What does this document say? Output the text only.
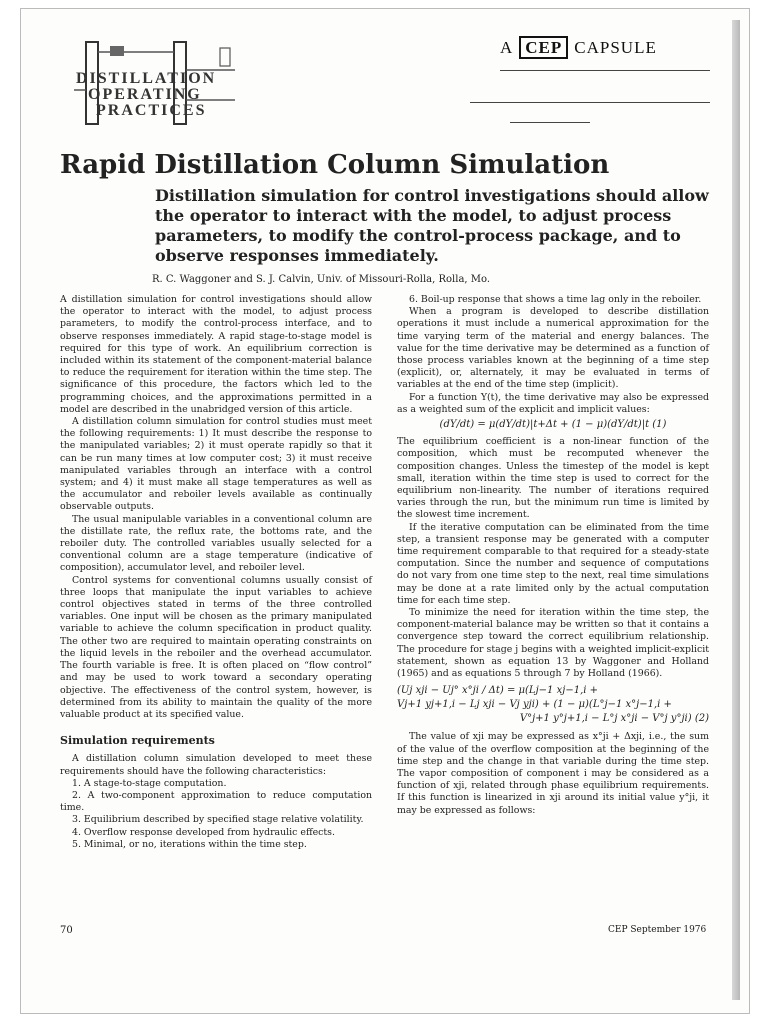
DISTILLATION
OPERATING
PRACTICES
A CEP CAPSULE
Rapid Distillation Column Simulation
Distillation simulation for control investigations should allow the operator to interact with the model, to adjust process parameters, to modify the control-process package, and to observe responses immediately.
R. C. Waggoner and S. J. Calvin, Univ. of Missouri-Rolla, Rolla, Mo.

A distillation simulation for control investigations should allow the operator to interact with the model, to adjust process parameters, to modify the control-process interface, and to observe responses immediately. A rapid stage-to-stage model is required for this type of work. An equilibrium correction is included within its statement of the component-material balance to reduce the requirement for iteration within the time step. The significance of this procedure, the factors which led to the programming choices, and the approximations permitted in a model are described in the unabridged version of this article.

A distillation column simulation for control studies must meet the following requirements: 1) It must describe the response to the manipulated variables; 2) it must operate rapidly so that it can be run many times at low computer cost; 3) it must receive manipulated variables through an interface with a control system; and 4) it must make all stage temperatures as well as the accumulator and reboiler levels available as continually observable outputs.

The usual manipulable variables in a conventional column are the distillate rate, the reflux rate, the bottoms rate, and the reboiler duty. The controlled variables usually selected for a conventional column are a stage temperature (indicative of composition), accumulator level, and reboiler level.

Control systems for conventional columns usually consist of three loops that manipulate the input variables to achieve control objectives stated in terms of the three controlled variables. One input will be chosen as the primary manipulated variable to achieve the column specification in product quality. The other two are required to maintain operating constraints on the liquid levels in the reboiler and the overhead accumulator. The fourth variable is free. It is often placed on “flow control” and may be used to work toward a secondary operating objective. The effectiveness of the control system, however, is determined from its ability to maintain the quality of the more valuable product at its specified value.

Simulation requirements

A distillation column simulation developed to meet these requirements should have the following characteristics:

1. A stage-to-stage computation.
2. A two-component approximation to reduce computation time.
3. Equilibrium described by specified stage relative volatility.
4. Overflow response developed from hydraulic effects.
5. Minimal, or no, iterations within the time step.

6. Boil-up response that shows a time lag only in the reboiler.

When a program is developed to describe distillation operations it must include a numerical approximation for the time varying term of the material and energy balances. The value for the time derivative may be determined as a function of those process variables known at the beginning of a time step (explicit), or, alternately, it may be evaluated in terms of variables at the end of the time step (implicit).

For a function Y(t), the time derivative may also be expressed as a weighted sum of the explicit and implicit values:

(dY/dt) = μ(dY/dt)|t+Δt + (1 − μ)(dY/dt)|t (1)

The equilibrium coefficient is a non-linear function of the composition, which must be recomputed whenever the composition changes. Unless the timestep of the model is kept small, iteration within the time step is used to correct for the equilibrium non-linearity. The number of iterations required varies through the run, but the minimum run time is limited by the slowest time increment.

If the iterative computation can be eliminated from the time step, a transient response may be generated with a computer time requirement comparable to that required for a steady-state computation. Since the number and sequence of computations do not vary from one time step to the next, real time simulations may be done at a rate limited only by the actual computation time for each time step.

To minimize the need for iteration within the time step, the component-material balance may be written so that it contains a convergence step toward the correct equilibrium relationship. The procedure for stage j begins with a weighted implicit-explicit statement, shown as equation 13 by Waggoner and Holland (1965) and as equations 5 through 7 by Holland (1966).

(Uj xji − Uj° x°ji / Δt) = μ(Lj−1 xj−1,i +
Vj+1 yj+1,i − Lj xji − Vj yji) + (1 − μ)(L°j−1 x°j−1,i +
V°j+1 y°j+1,i − L°j x°ji − V°j y°ji) (2)

The value of xji may be expressed as x°ji + Δxji, i.e., the sum of the value of the overflow composition at the beginning of the time step and the change in that variable during the time step. The vapor composition of component i may be considered as a function of xji, related through phase equilibrium requirements. If this function is linearized in xji around its initial value y°ji, it may be expressed as follows:

70	CEP September 1976
